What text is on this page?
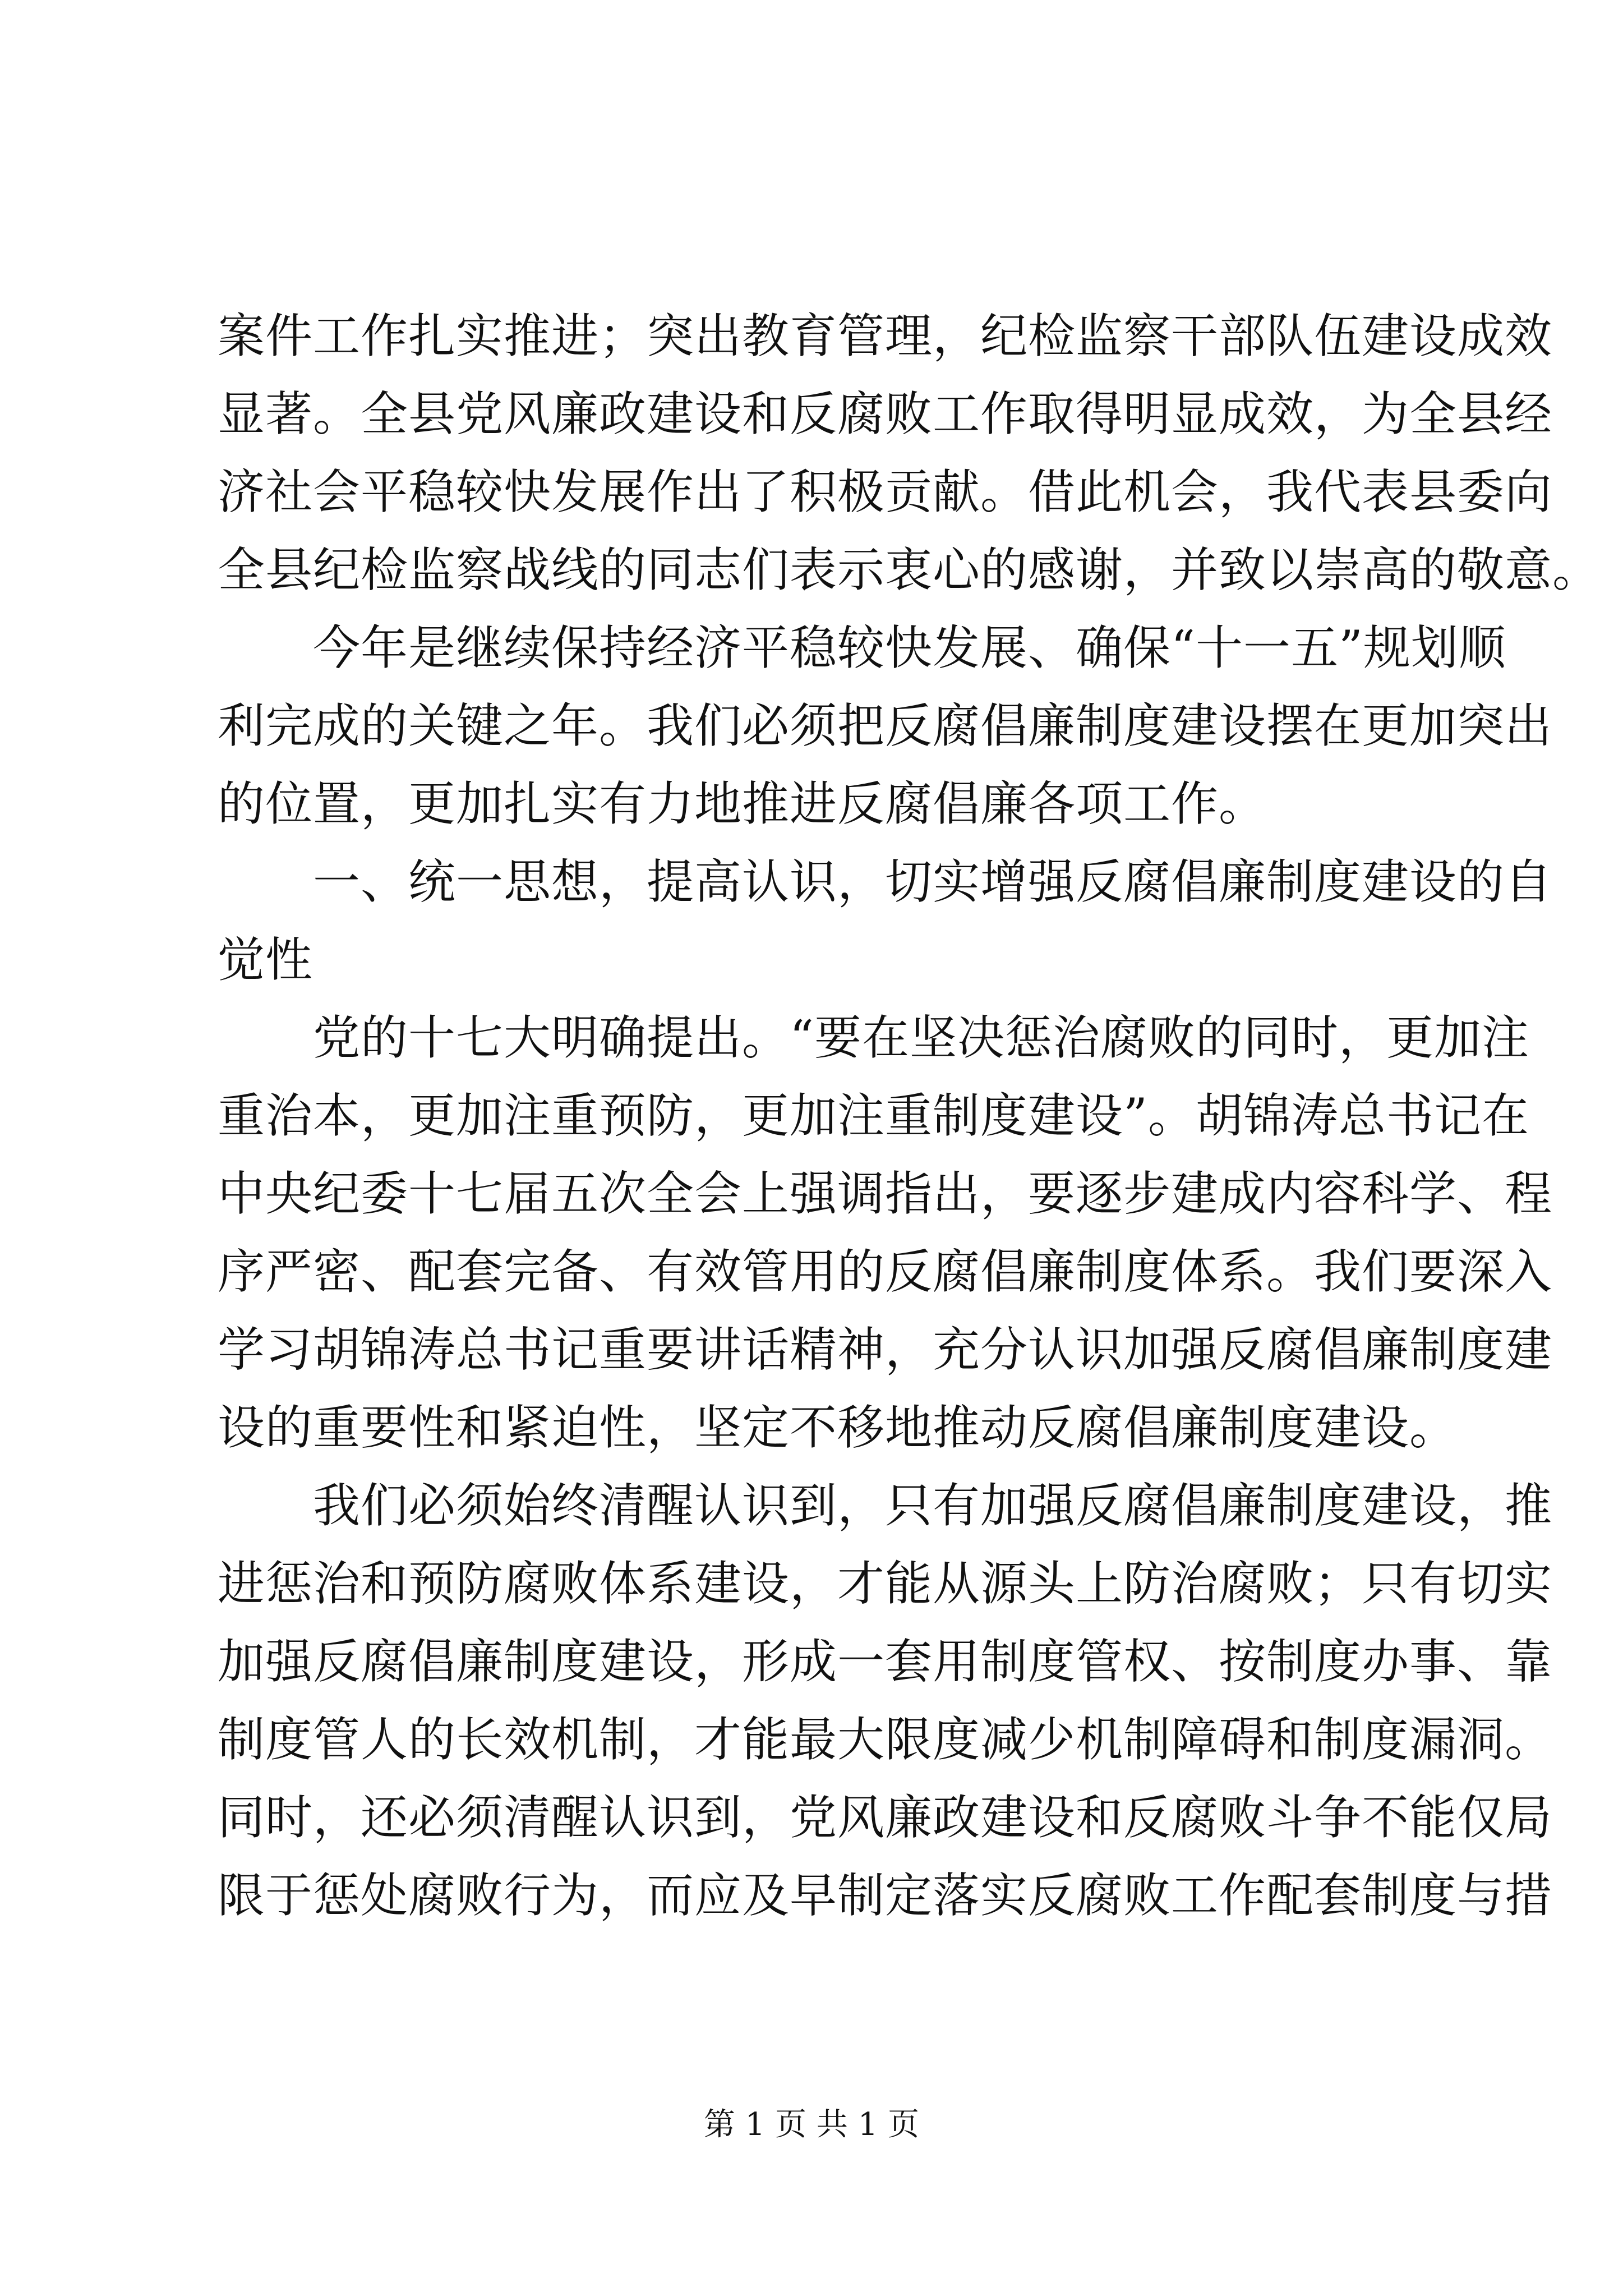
案件工作扎实推进；突出教育管理，纪检监察干部队伍建设成效
显著。全县党风廉政建设和反腐败工作取得明显成效，为全县经
济社会平稳较快发展作出了积极贡献。借此机会，我代表县委向
全县纪检监察战线的同志们表示衷心的感谢，并致以崇高的敬意。
　　今年是继续保持经济平稳较快发展、确保“十一五”规划顺
利完成的关键之年。我们必须把反腐倡廉制度建设摆在更加突出
的位置，更加扎实有力地推进反腐倡廉各项工作。
　　一、统一思想，提高认识，切实增强反腐倡廉制度建设的自
觉性
　　党的十七大明确提出。“要在坚决惩治腐败的同时，更加注
重治本，更加注重预防，更加注重制度建设”。胡锦涛总书记在
中央纪委十七届五次全会上强调指出，要逐步建成内容科学、程
序严密、配套完备、有效管用的反腐倡廉制度体系。我们要深入
学习胡锦涛总书记重要讲话精神，充分认识加强反腐倡廉制度建
设的重要性和紧迫性，坚定不移地推动反腐倡廉制度建设。
　　我们必须始终清醒认识到，只有加强反腐倡廉制度建设，推
进惩治和预防腐败体系建设，才能从源头上防治腐败；只有切实
加强反腐倡廉制度建设，形成一套用制度管权、按制度办事、靠
制度管人的长效机制，才能最大限度减少机制障碍和制度漏洞。
同时，还必须清醒认识到，党风廉政建设和反腐败斗争不能仅局
限于惩处腐败行为，而应及早制定落实反腐败工作配套制度与措
第 1 页 共 1 页
